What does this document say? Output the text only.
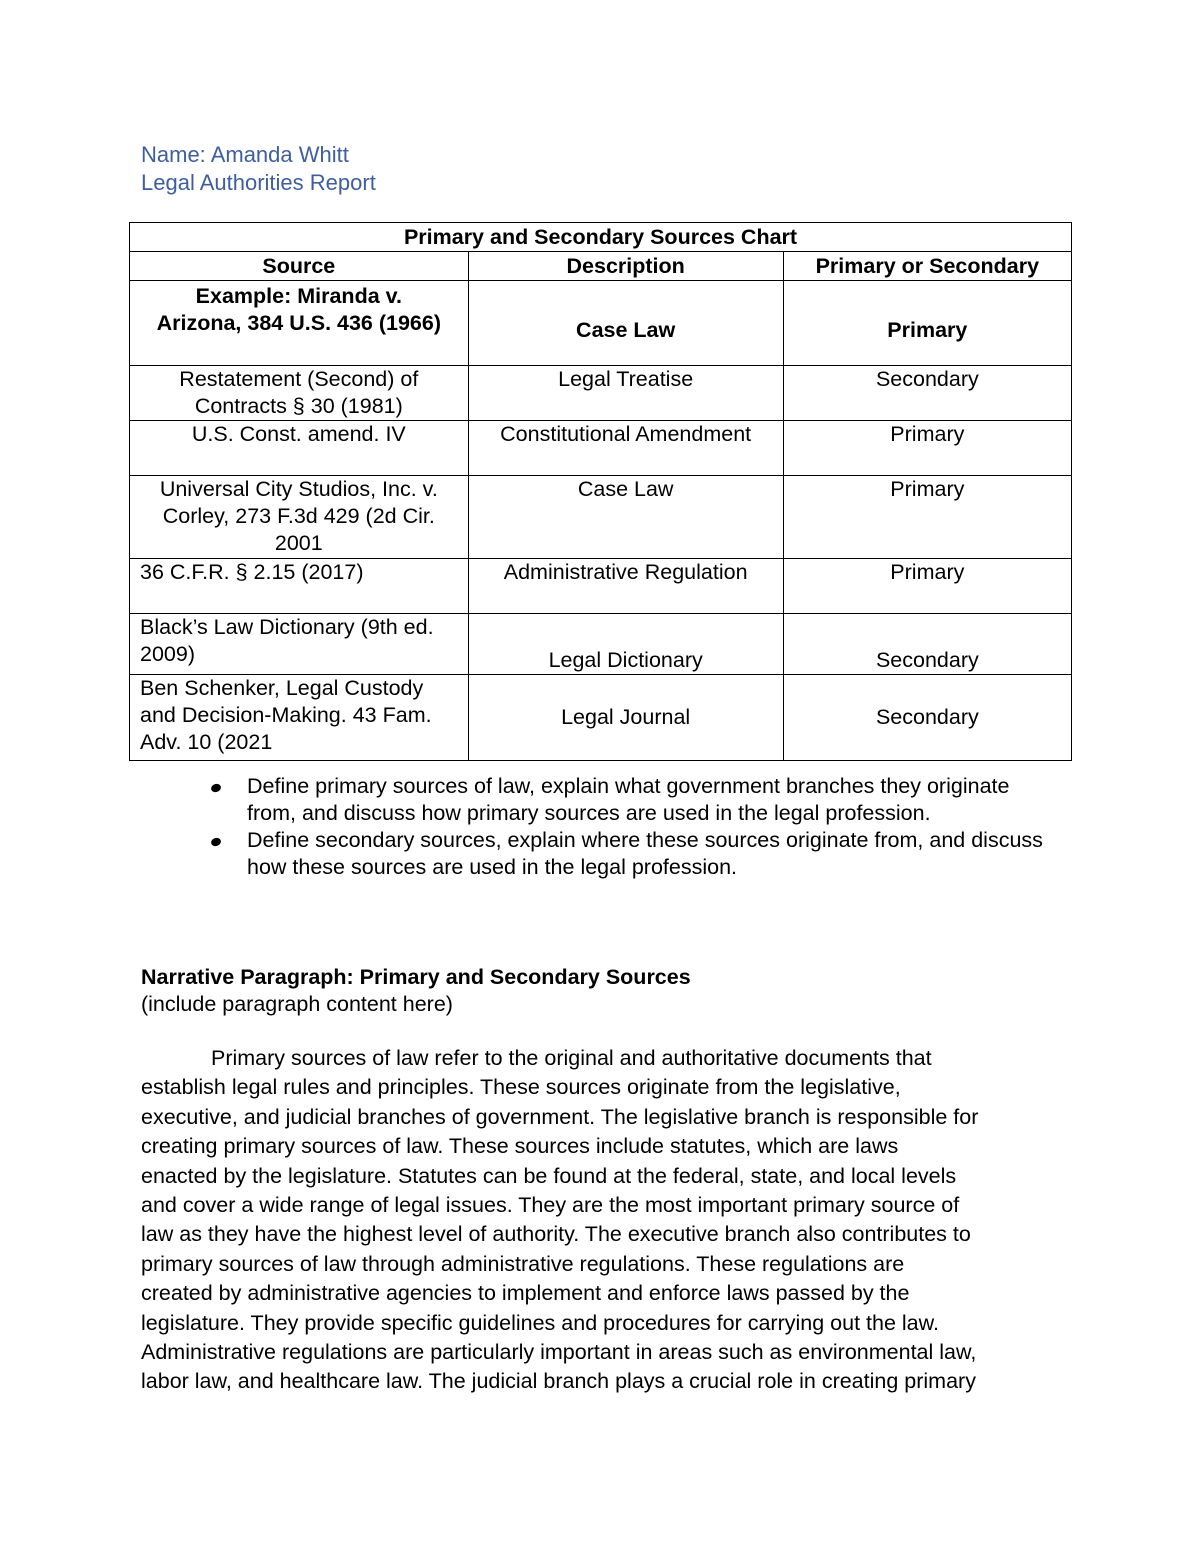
Name: Amanda Whitt
Legal Authorities Report
Primary and Secondary Sources Chart		
Source	Description	Primary or Secondary

Example: Miranda v.
Arizona, 384 U.S. 436 (1966)	Case Law	Primary
Restatement (Second) of Contracts § 30 (1981)	Legal Treatise	Secondary
U.S. Const. amend. IV	Constitutional Amendment	Primary
Universal City Studios, Inc. v. Corley, 273 F.3d 429 (2d Cir. 2001	Case Law	Primary
36 C.F.R. § 2.15 (2017)	Administrative Regulation	Primary
Black’s Law Dictionary (9th ed. 2009)	Legal Dictionary	Secondary
Ben Schenker, Legal Custody and Decision-Making. 43 Fam. Adv. 10 (2021	Legal Journal	Secondary
Define primary sources of law, explain what government branches they originate from, and discuss how primary sources are used in the legal profession.
Define secondary sources, explain where these sources originate from, and discuss how these sources are used in the legal profession.
Narrative Paragraph: Primary and Secondary Sources
(include paragraph content here)
Primary sources of law refer to the original and authoritative documents that
establish legal rules and principles. These sources originate from the legislative,
executive, and judicial branches of government. The legislative branch is responsible for
creating primary sources of law. These sources include statutes, which are laws
enacted by the legislature. Statutes can be found at the federal, state, and local levels
and cover a wide range of legal issues. They are the most important primary source of
law as they have the highest level of authority. The executive branch also contributes to
primary sources of law through administrative regulations. These regulations are
created by administrative agencies to implement and enforce laws passed by the
legislature. They provide specific guidelines and procedures for carrying out the law.
Administrative regulations are particularly important in areas such as environmental law,
labor law, and healthcare law. The judicial branch plays a crucial role in creating primary
